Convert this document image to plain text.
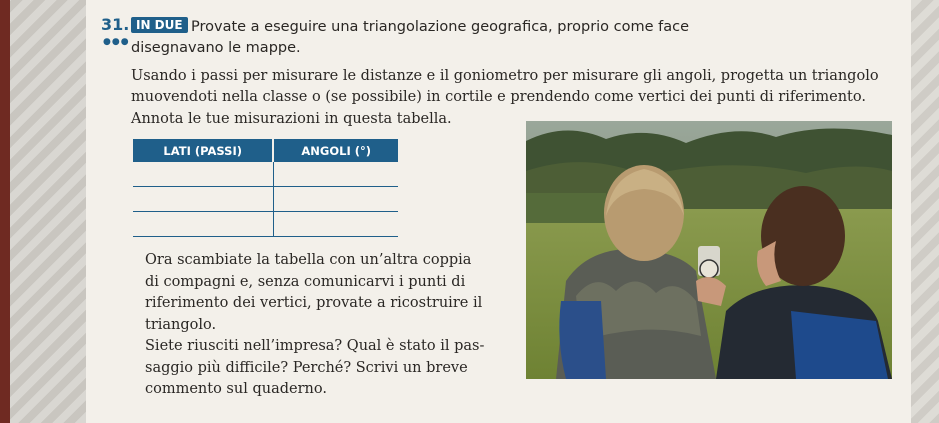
31.
●●●
Provate a eseguire una triangolazione geografica, proprio come face
IN DUE
disegnavano le mappe.
Usando i passi per misurare le distanze e il goniometro per misurare gli angoli, progetta un triangolo
muovendoti nella classe o (se possibile) in cortile e prendendo come vertici dei punti di riferimento.
Annota le tue misurazioni in questa tabella.
LATI (PASSI)	ANGOLI (°)

Ora scambiate la tabella con un’altra coppia
di compagni e, senza comunicarvi i punti di
riferimento dei vertici, provate a ricostruire il
triangolo.
Siete riusciti nell’impresa? Qual è stato il pas-
saggio più difficile? Perché? Scrivi un breve
commento sul quaderno.
